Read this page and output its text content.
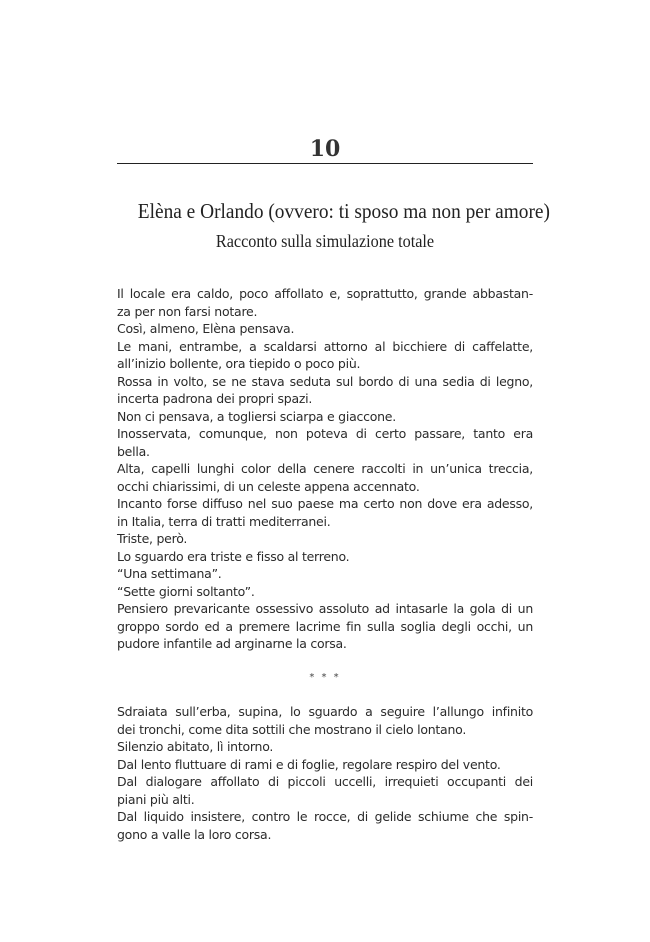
10
Elèna e Orlando (ovvero: ti sposo ma non per amore)
Racconto sulla simulazione totale

Il locale era caldo, poco affollato e, soprattutto, grande abbastan-

za per non farsi notare.

Così, almeno, Elèna pensava.

Le mani, entrambe, a scaldarsi attorno al bicchiere di caffelatte,

all’inizio bollente, ora tiepido o poco più.

Rossa in volto, se ne stava seduta sul bordo di una sedia di legno,

incerta padrona dei propri spazi.

Non ci pensava, a togliersi sciarpa e giaccone.

Inosservata, comunque, non poteva di certo passare, tanto era

bella.

Alta, capelli lunghi color della cenere raccolti in un’unica treccia,

occhi chiarissimi, di un celeste appena accennato.

Incanto forse diffuso nel suo paese ma certo non dove era adesso,

in Italia, terra di tratti mediterranei.

Triste, però.

Lo sguardo era triste e fisso al terreno.

“Una settimana”.

“Sette giorni soltanto”.

Pensiero prevaricante ossessivo assoluto ad intasarle la gola di un

groppo sordo ed a premere lacrime fin sulla soglia degli occhi, un

pudore infantile ad arginarne la corsa.

* * *

Sdraiata sull’erba, supina, lo sguardo a seguire l’allungo infinito

dei tronchi, come dita sottili che mostrano il cielo lontano.

Silenzio abitato, lì intorno.

Dal lento fluttuare di rami e di foglie, regolare respiro del vento.

Dal dialogare affollato di piccoli uccelli, irrequieti occupanti dei

piani più alti.

Dal liquido insistere, contro le rocce, di gelide schiume che spin-

gono a valle la loro corsa.
